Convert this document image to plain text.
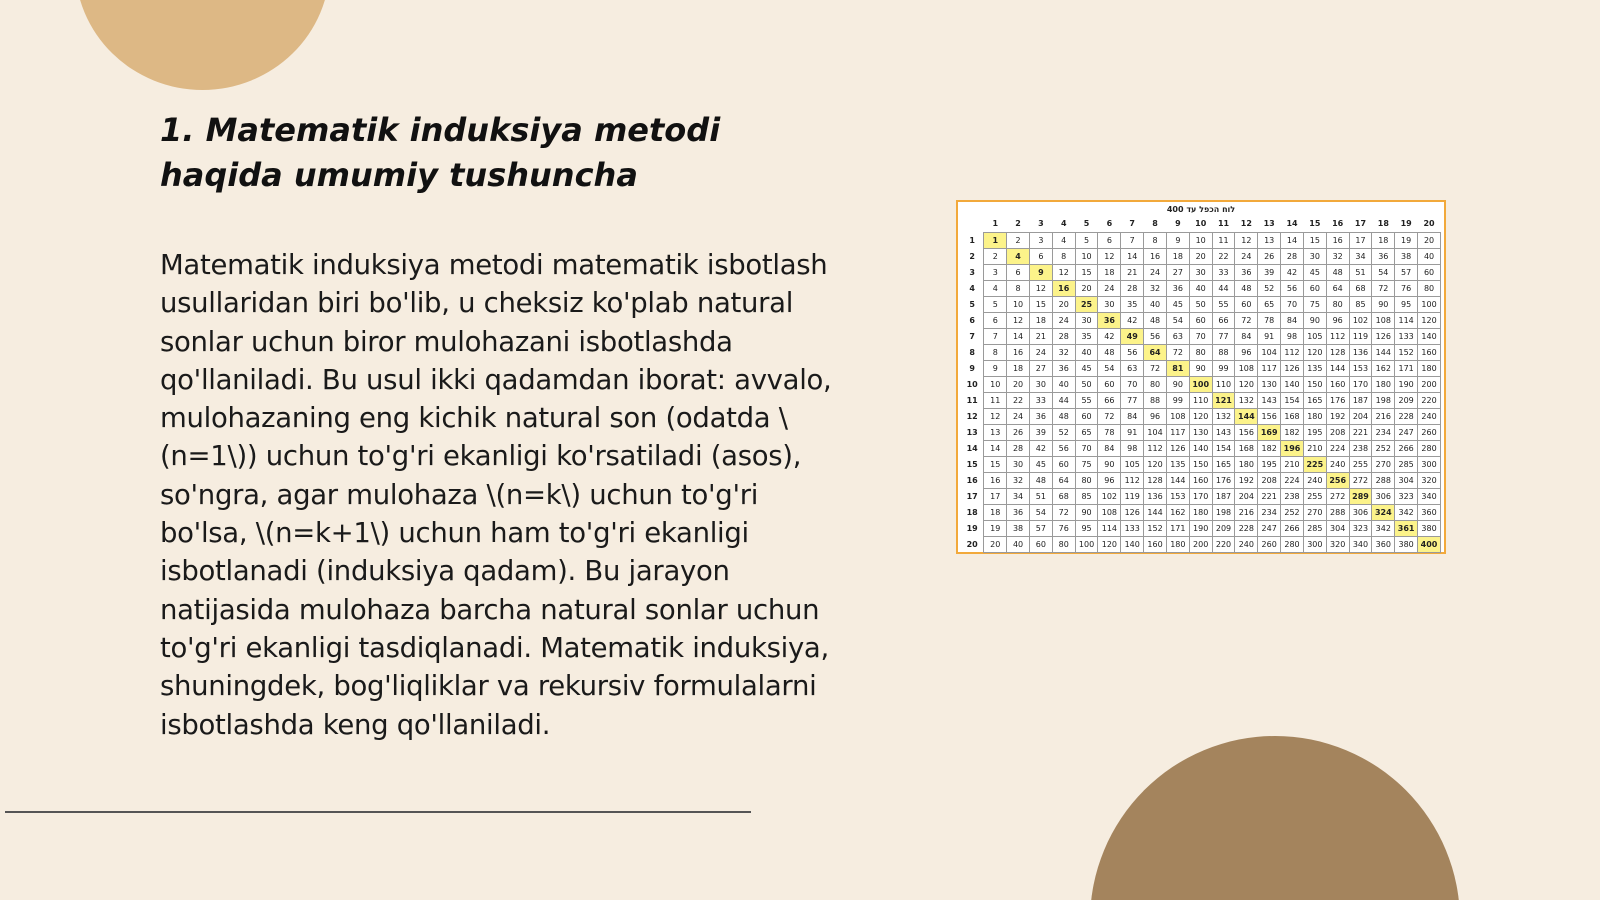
1. Matematik induksiya metodi
haqida umumiy tushuncha
Matematik induksiya metodi matematik isbotlash usullaridan biri bo'lib, u cheksiz ko'plab natural sonlar uchun biror mulohazani isbotlashda qo'llaniladi. Bu usul ikki qadamdan iborat: avvalo, mulohazaning eng kichik natural son (odatda \(n=1\)) uchun to'g'ri ekanligi ko'rsatiladi (asos), so'ngra, agar mulohaza \(n=k\) uchun to'g'ri bo'lsa, \(n=k+1\) uchun ham to'g'ri ekanligi isbotlanadi (induksiya qadam). Bu jarayon natijasida mulohaza barcha natural sonlar uchun to'g'ri ekanligi tasdiqlanadi. Matematik induksiya, shuningdek, bog'liqliklar va rekursiv formulalarni isbotlashda keng qo'llaniladi.
לוח הכפל עד 400
	1	2	3	4	5	6	7	8	9	10	11	12	13	14	15	16	17	18	19	20
1	1	2	3	4	5	6	7	8	9	10	11	12	13	14	15	16	17	18	19	20
2	2	4	6	8	10	12	14	16	18	20	22	24	26	28	30	32	34	36	38	40
3	3	6	9	12	15	18	21	24	27	30	33	36	39	42	45	48	51	54	57	60
4	4	8	12	16	20	24	28	32	36	40	44	48	52	56	60	64	68	72	76	80
5	5	10	15	20	25	30	35	40	45	50	55	60	65	70	75	80	85	90	95	100
6	6	12	18	24	30	36	42	48	54	60	66	72	78	84	90	96	102	108	114	120
7	7	14	21	28	35	42	49	56	63	70	77	84	91	98	105	112	119	126	133	140
8	8	16	24	32	40	48	56	64	72	80	88	96	104	112	120	128	136	144	152	160
9	9	18	27	36	45	54	63	72	81	90	99	108	117	126	135	144	153	162	171	180
10	10	20	30	40	50	60	70	80	90	100	110	120	130	140	150	160	170	180	190	200
11	11	22	33	44	55	66	77	88	99	110	121	132	143	154	165	176	187	198	209	220
12	12	24	36	48	60	72	84	96	108	120	132	144	156	168	180	192	204	216	228	240
13	13	26	39	52	65	78	91	104	117	130	143	156	169	182	195	208	221	234	247	260
14	14	28	42	56	70	84	98	112	126	140	154	168	182	196	210	224	238	252	266	280
15	15	30	45	60	75	90	105	120	135	150	165	180	195	210	225	240	255	270	285	300
16	16	32	48	64	80	96	112	128	144	160	176	192	208	224	240	256	272	288	304	320
17	17	34	51	68	85	102	119	136	153	170	187	204	221	238	255	272	289	306	323	340
18	18	36	54	72	90	108	126	144	162	180	198	216	234	252	270	288	306	324	342	360
19	19	38	57	76	95	114	133	152	171	190	209	228	247	266	285	304	323	342	361	380
20	20	40	60	80	100	120	140	160	180	200	220	240	260	280	300	320	340	360	380	400
